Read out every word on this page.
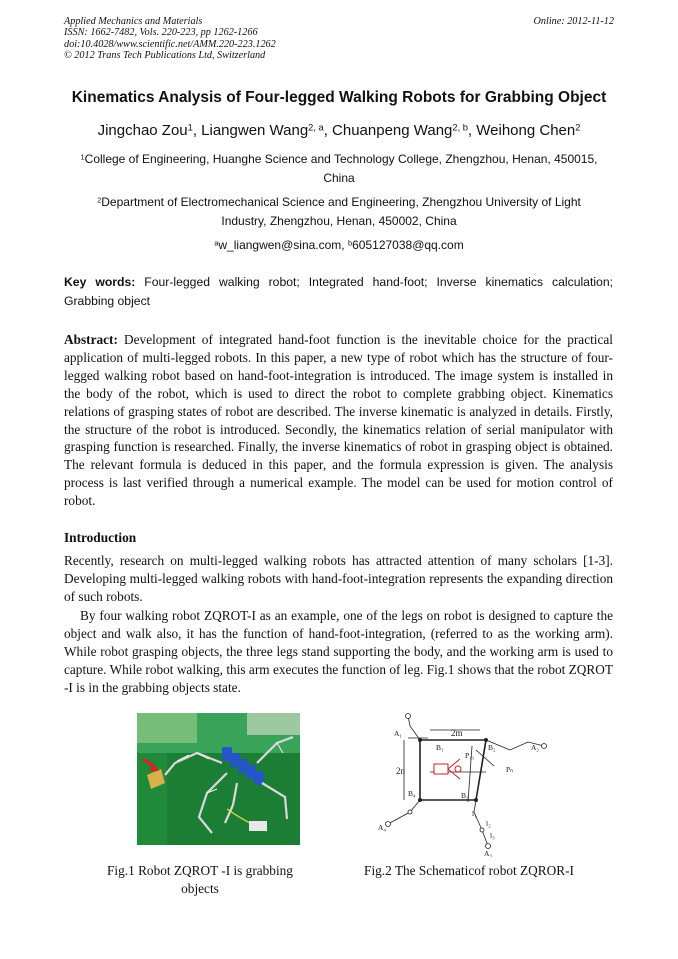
Applied Mechanics and Materials
ISSN: 1662-7482, Vols. 220-223, pp 1262-1266
doi:10.4028/www.scientific.net/AMM.220-223.1262
© 2012 Trans Tech Publications Ltd, Switzerland
Online: 2012-11-12
Kinematics Analysis of Four-legged Walking Robots for Grabbing Object
Jingchao Zou$^1$, Liangwen Wang$^{2, a}$, Chuanpeng Wang$^{2, b}$, Weihong Chen$^2$
$^1$College of Engineering, Huanghe Science and Technology College, Zhengzhou, Henan, 450015, China
$^2$Department of Electromechanical Science and Engineering, Zhengzhou University of Light Industry, Zhengzhou, Henan, 450002, China
$^a$w_liangwen@sina.com, $^b$605127038@qq.com
Key words: Four-legged walking robot; Integrated hand-foot; Inverse kinematics calculation; Grabbing object
Abstract: Development of integrated hand-foot function is the inevitable choice for the practical application of multi-legged robots. In this paper, a new type of robot which has the structure of four-legged walking robot based on hand-foot-integration is introduced. The image system is installed in the body of the robot, which is used to direct the robot to complete grabbing object. Kinematics relations of grasping states of robot are described. The inverse kinematic is analyzed in details. Firstly, the structure of the robot is introduced. Secondly, the kinematics relation of serial manipulator with grasping function is researched. Finally, the inverse kinematics of robot in grasping object is obtained. The relevant formula is deduced in this paper, and the formula expression is given. The analysis process is last verified through a numerical example. The model can be used for motion control of robot.
Introduction

Recently, research on multi-legged walking robots has attracted attention of many scholars [1-3]. Developing multi-legged walking robots with hand-foot-integration represents the expanding direction of such robots.

By four walking robot ZQROT-I as an example, one of the legs on robot is designed to capture the object and walk also, it has the function of hand-foot-integration, (referred to as the working arm). While robot grasping objects, the three legs stand supporting the body, and the working arm is used to capture. While robot walking, this arm executes the function of leg. Fig.1 shows that the robot ZQROT -I is in the grabbing objects state.

2m
2n
A₁
A₂
A₃
A₄
B₁	B₂
B₃
B₄
P₁₁
Pₙ
l₁
l₂
l₃
Fig.1 Robot ZQROT -I is grabbing
objects
Fig.2 The Schematicof robot ZQROR-I
